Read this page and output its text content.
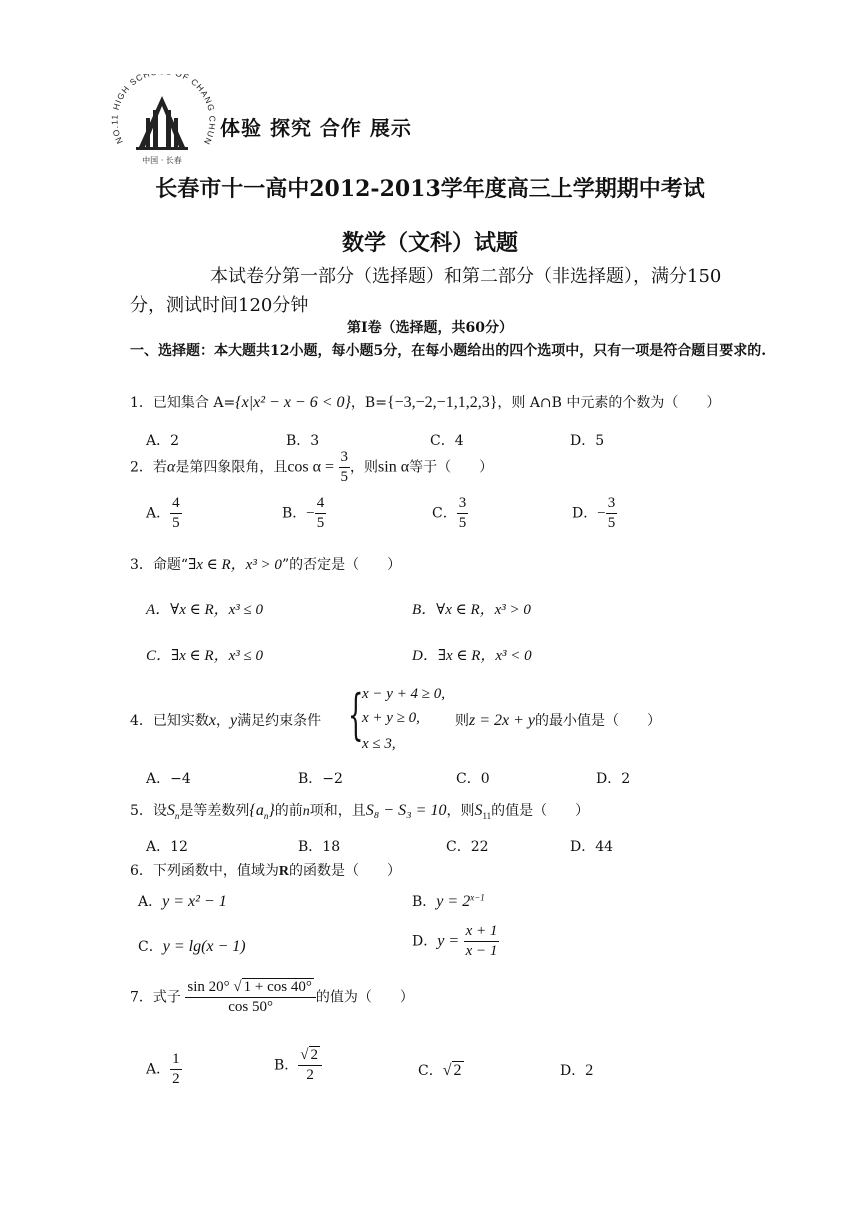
NO.11 HIGH SCH F CHANG UN
中国 · 长春
体验 探究 合作 展示
长春市十一高中2012-2013学年度高三上学期期中考试
数学（文科）试题
本试卷分第一部分（选择题）和第二部分（非选择题），满分150分，测试时间120分钟
第Ⅰ卷（选择题，共60分）
一、选择题：本大题共12小题，每小题5分，在每小题给出的四个选项中，只有一项是符合题目要求的.
1．已知集合 A={x|x² − x − 6 < 0}，B={−3,−2,−1,1,2,3}，则 A∩B 中元素的个数为（　　）
A．2	B．3	C．4	D．5
2．若α是第四象限角，且$\cos \alpha = \frac{3}{5}$ ，则sin α等于（　　）
A． $\frac{4}{5}$	B．− $\frac{4}{5}$	C． $\frac{3}{5}$	D．− $\frac{3}{5}$
3．命题“∃x ∈ R，x³ > 0”的否定是（　　）
A．∀x ∈ R，x³ ≤ 0	B．∀x ∈ R，x³ > 0
C．∃x ∈ R，x³ ≤ 0	D．∃x ∈ R，x³ < 0
4．已知实数x，y满足约束条件 {
x − y + 4 ≥ 0,
x + y ≥ 0,
x ≤ 3,
则z = 2x + y的最小值是（　　）
A．−4	B．−2	C．0	D．2
5．设$S_n$是等差数列$\{a_n\}$的前n项和，且S₈ − S₃ = 10，则$S_{11}$的值是（　　）
A．12	B．18	C．22	D．44
6．下列函数中，值域为R的函数是（　　）
A．y = x² − 1	B．$y = 2^{x-1}$
C．y = lg(x − 1)	D．$y = \frac{x + 1}{x - 1}$
7．式子 $\frac{\sin 20^\circ √ 1 + \cos 40^\circ}{\cos 50^\circ}$ 的值为（　　）
A． $\frac{1}{2}$	B． $\frac{√ 2}{2}$	C．√ 2	D．2
